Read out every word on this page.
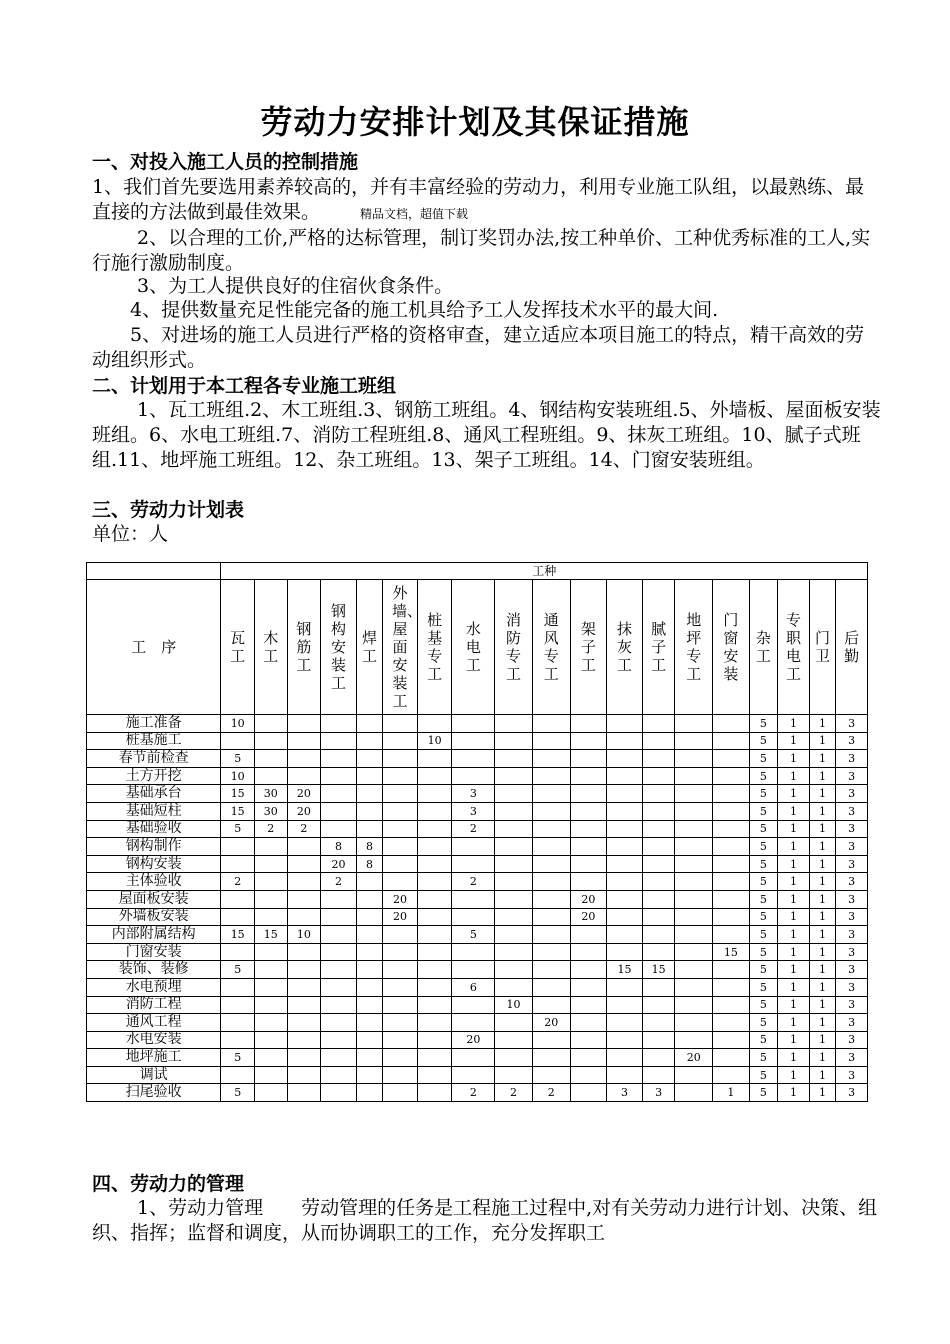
劳动力安排计划及其保证措施
一、对投入施工人员的控制措施
1、我们首先要选用素养较高的，并有丰富经验的劳动力，利用专业施工队组，以最熟练、最直接的方法做到最佳效果。	精品文档，超值下载
2、以合理的工价,严格的达标管理，制订奖罚办法,按工种单价、工种优秀标准的工人,实行施行激励制度。
3、为工人提供良好的住宿伙食条件。
4、提供数量充足性能完备的施工机具给予工人发挥技术水平的最大间.
5、对进场的施工人员进行严格的资格审查，建立适应本项目施工的特点，精干高效的劳动组织形式。
二、计划用于本工程各专业施工班组
1、瓦工班组.2、木工班组.3、钢筋工班组。4、钢结构安装班组.5、外墙板、屋面板安装班组。6、水电工班组.7、消防工程班组.8、通风工程班组。9、抹灰工班组。10、腻子式班组.11、地坪施工班组。12、杂工班组。13、架子工班组。14、门窗安装班组。
三、劳动力计划表
单位：人
	工种																		
工　序	瓦工	木工	钢筋工	钢构安装工	焊工	外墙、屋面安装工	桩基专工	水电工	消防专工	通风专工	架子工	抹灰工	腻子工	地坪专工	门窗安装	杂工	专职电工	门卫	后勤
施工准备	10															5	1	1	3
桩基施工							10									5	1	1	3
春节前检查	5															5	1	1	3
土方开挖	10															5	1	1	3
基础承台	15	30	20					3								5	1	1	3
基础短柱	15	30	20					3								5	1	1	3
基础验收	5	2	2					2								5	1	1	3
钢构制作				8	8											5	1	1	3
钢构安装				20	8											5	1	1	3
主体验收	2			2				2								5	1	1	3
屋面板安装						20					20					5	1	1	3
外墙板安装						20					20					5	1	1	3
内部附属结构	15	15	10					5								5	1	1	3
门窗安装															15	5	1	1	3
装饰、装修	5											15	15			5	1	1	3
水电预埋								6								5	1	1	3
消防工程									10							5	1	1	3
通风工程										20						5	1	1	3
水电安装								20								5	1	1	3
地坪施工	5													20		5	1	1	3
调试																5	1	1	3
扫尾验收	5							2	2	2		3	3		1	5	1	1	3
四、劳动力的管理
1、劳动力管理　　劳动管理的任务是工程施工过程中,对有关劳动力进行计划、决策、组织、指挥；监督和调度，从而协调职工的工作，充分发挥职工
